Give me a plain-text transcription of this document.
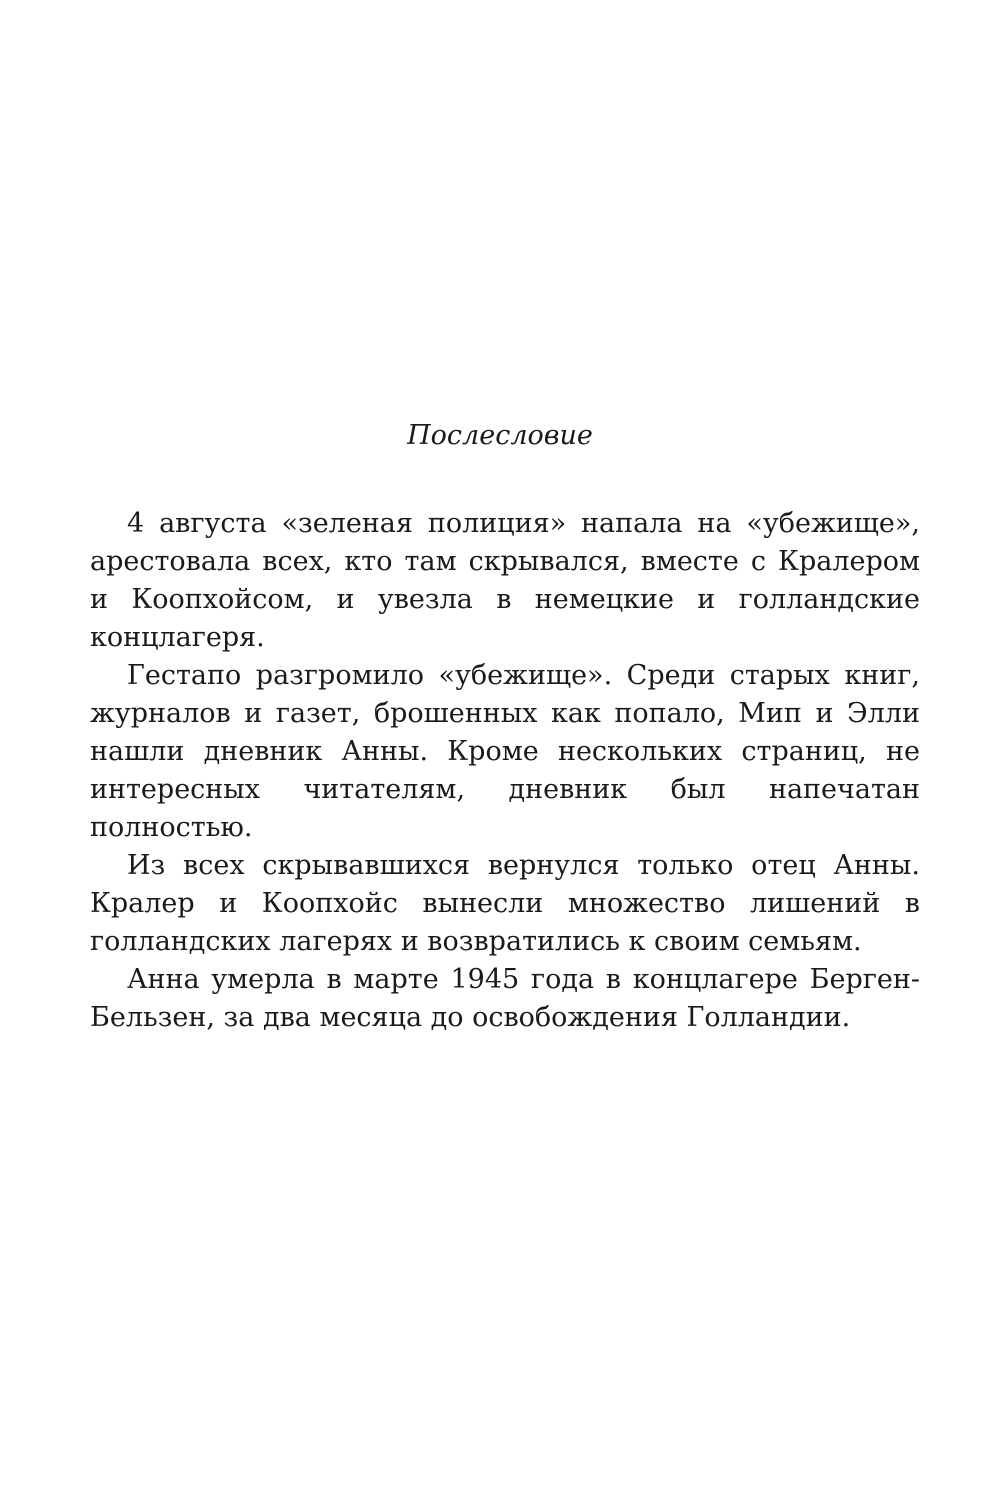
Послесловие

4 августа «зеленая полиция» напала на «убежище», арестовала всех, кто там скрывался, вместе с Кралером и Коопхойсом, и увезла в немецкие и голландские концлагеря.

Гестапо разгромило «убежище». Среди старых книг, журналов и газет, брошенных как попало, Мип и Элли нашли дневник Анны. Кроме нескольких страниц, не интересных читателям, дневник был напечатан полностью.

Из всех скрывавшихся вернулся только отец Анны. Кралер и Коопхойс вынесли множество лишений в голландских лагерях и возвратились к своим семьям.

Анна умерла в марте 1945 года в концлагере Берген-Бельзен, за два месяца до освобождения Голландии.
